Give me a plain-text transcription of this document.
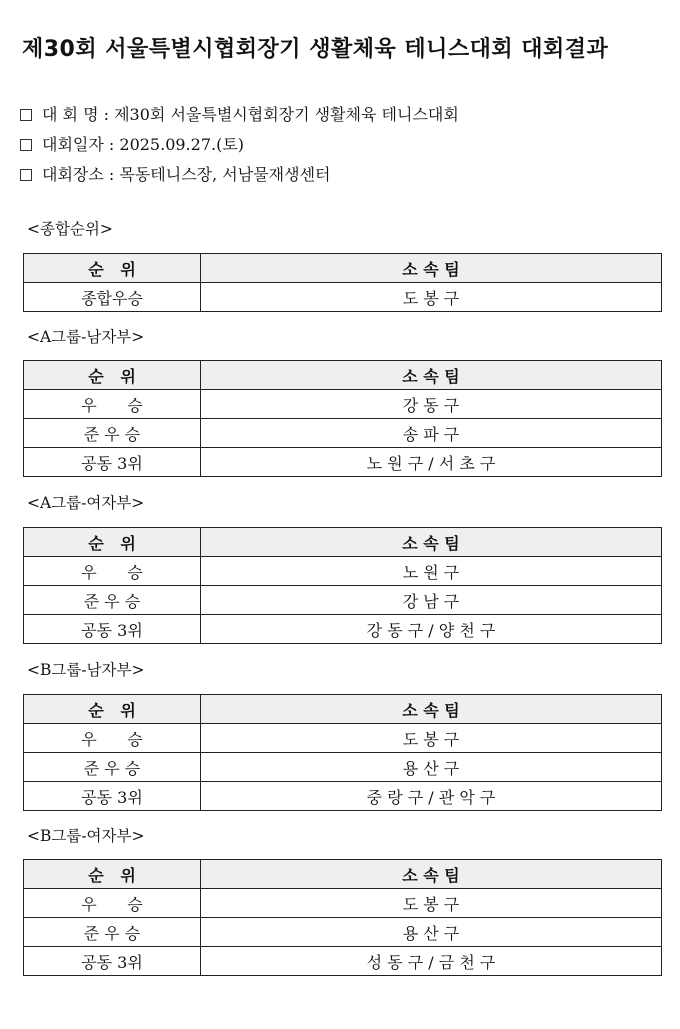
제30회 서울특별시협회장기 생활체육 테니스대회 대회결과
대 회 명 : 제30회 서울특별시협회장기 생활체육 테니스대회
대회일자 : 2025.09.27.(토)
대회장소 : 목동테니스장, 서남물재생센터
<종합순위>
순   위	소 속 팀
종합우승	도 봉 구
<A그룹-남자부>
순   위	소 속 팀
우      승	강 동 구
준 우 승	송 파 구
공동 3위	노 원 구 / 서 초 구
<A그룹-여자부>
순   위	소 속 팀
우      승	노 원 구
준 우 승	강 남 구
공동 3위	강 동 구 / 양 천 구
<B그룹-남자부>
순   위	소 속 팀
우      승	도 봉 구
준 우 승	용 산 구
공동 3위	중 랑 구 / 관 악 구
<B그룹-여자부>
순   위	소 속 팀
우      승	도 봉 구
준 우 승	용 산 구
공동 3위	성 동 구 / 금 천 구
